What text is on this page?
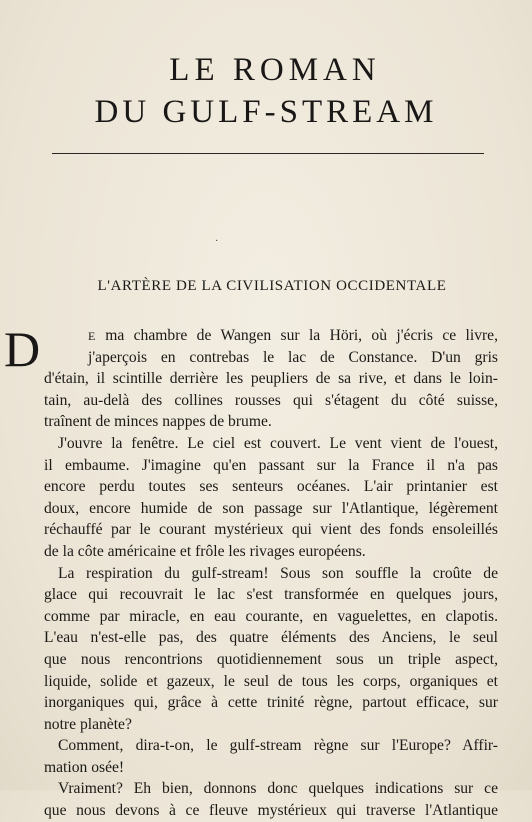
LE ROMAN
DU GULF-STREAM
·
L'ARTÈRE DE LA CIVILISATION OCCIDENTALE
D	E ma chambre de Wangen sur la Höri, où j'écris ce livre,
j'aperçois en contrebas le lac de Constance. D'un gris
d'étain, il scintille derrière les peupliers de sa rive, et dans le loin-
tain, au-delà des collines rousses qui s'étagent du côté suisse,
traînent de minces nappes de brume.
J'ouvre la fenêtre. Le ciel est couvert. Le vent vient de l'ouest,
il embaume. J'imagine qu'en passant sur la France il n'a pas
encore perdu toutes ses senteurs océanes. L'air printanier est
doux, encore humide de son passage sur l'Atlantique, légèrement
réchauffé par le courant mystérieux qui vient des fonds ensoleillés
de la côte américaine et frôle les rivages européens.
La respiration du gulf-stream! Sous son souffle la croûte de
glace qui recouvrait le lac s'est transformée en quelques jours,
comme par miracle, en eau courante, en vaguelettes, en clapotis.
L'eau n'est-elle pas, des quatre éléments des Anciens, le seul
que nous rencontrions quotidiennement sous un triple aspect,
liquide, solide et gazeux, le seul de tous les corps, organiques et
inorganiques qui, grâce à cette trinité règne, partout efficace, sur
notre planète?
Comment, dira-t-on, le gulf-stream règne sur l'Europe? Affir-
mation osée!
Vraiment? Eh bien, donnons donc quelques indications sur ce
que nous devons à ce fleuve mystérieux qui traverse l'Atlantique
